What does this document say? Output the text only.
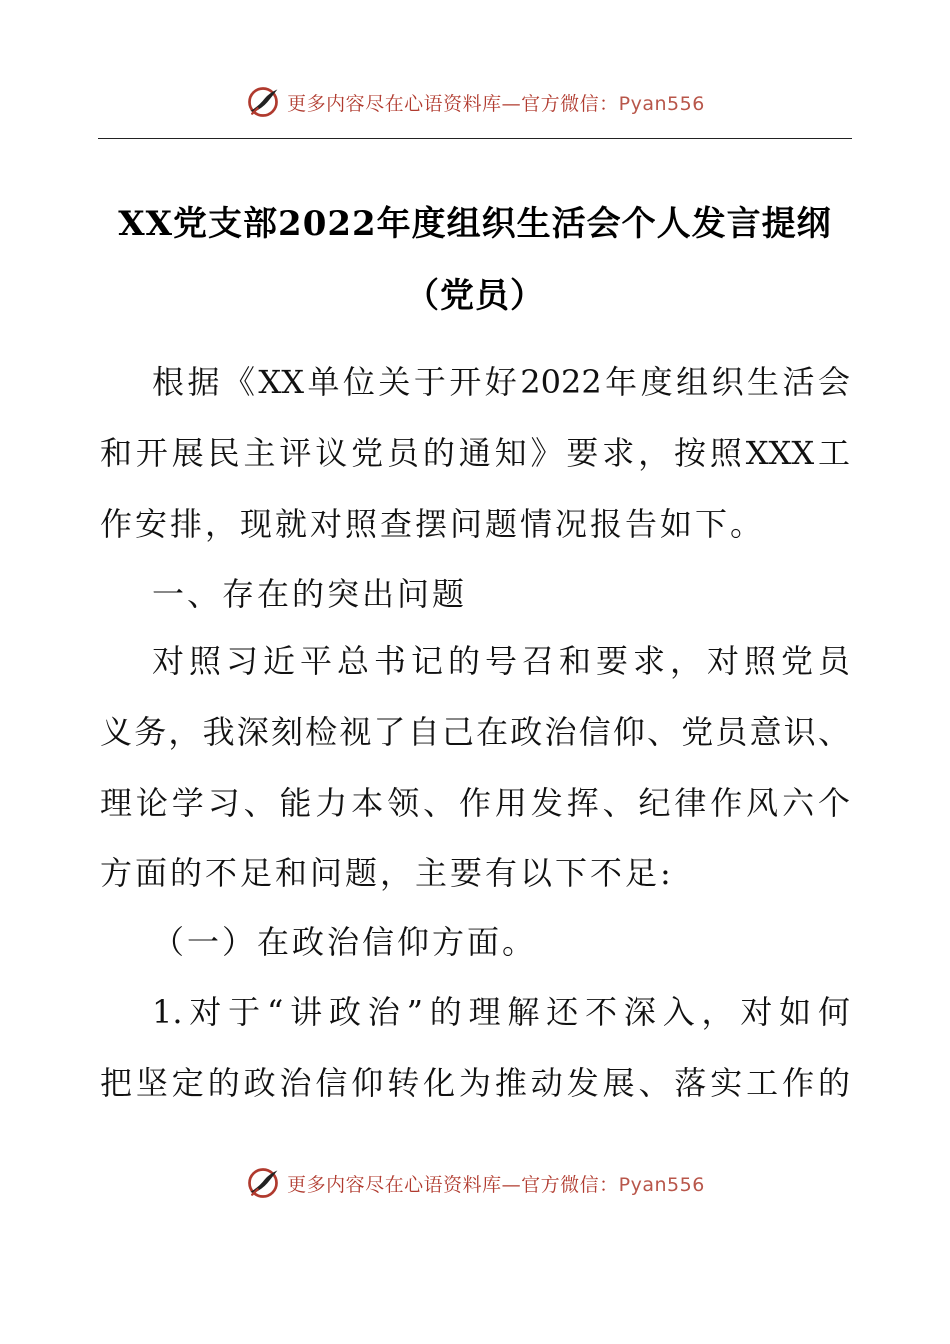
更多内容尽在心语资料库—官方微信：Pyan556
XX党支部2022年度组织生活会个人发言提纲
（党员）
根据《XX单位关于开好2022年度组织生活会
和开展民主评议党员的通知》要求，按照XXX工
作安排，现就对照查摆问题情况报告如下。
一、存在的突出问题
对照习近平总书记的号召和要求，对照党员
义务，我深刻检视了自己在政治信仰、党员意识、
理论学习、能力本领、作用发挥、纪律作风六个
方面的不足和问题，主要有以下不足:
（一）在政治信仰方面。
1.对于“讲政治”的理解还不深入，对如何
把坚定的政治信仰转化为推动发展、落实工作的
更多内容尽在心语资料库—官方微信：Pyan556
